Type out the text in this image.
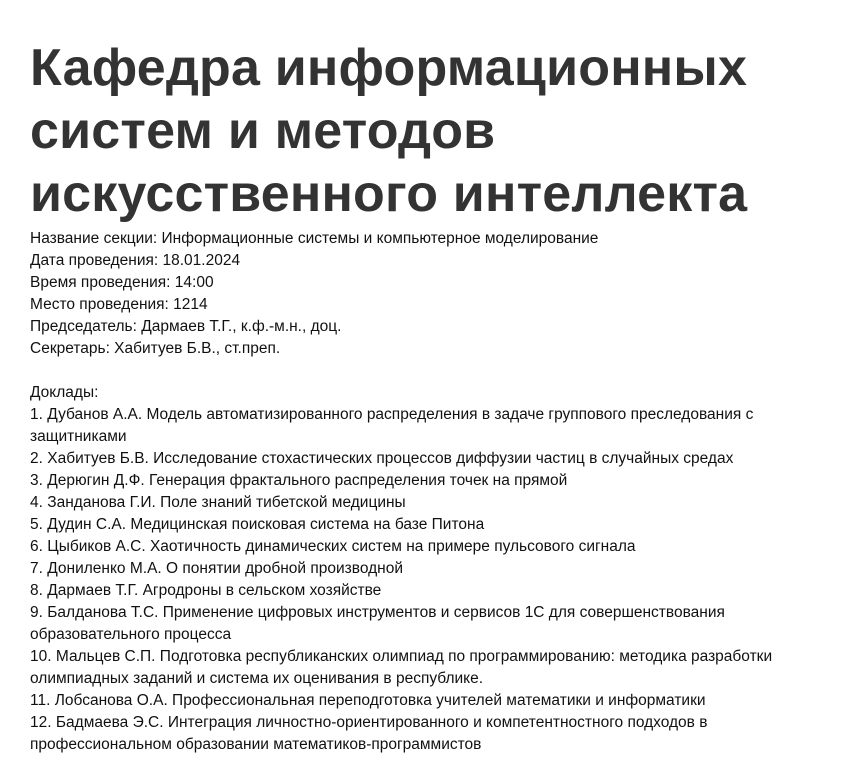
Кафедра информационных систем и методов искусственного интеллекта
Название секции: Информационные системы и компьютерное моделирование
Дата проведения: 18.01.2024
Время проведения: 14:00
Место проведения: 1214
Председатель: Дармаев Т.Г., к.ф.-м.н., доц.
Секретарь: Хабитуев Б.В., ст.преп.
Доклады:
1. Дубанов А.А. Модель автоматизированного распределения в задаче группового преследования с защитниками
2. Хабитуев Б.В. Исследование стохастических процессов диффузии частиц в случайных средах
3. Дерюгин Д.Ф. Генерация фрактального распределения точек на прямой
4. Занданова Г.И. Поле знаний тибетской медицины
5. Дудин С.А. Медицинская поисковая система на базе Питона
6. Цыбиков А.С. Хаотичность динамических систем на примере пульсового сигнала
7. Дониленко М.А. О понятии дробной производной
8. Дармаев Т.Г. Агродроны в сельском хозяйстве
9. Балданова Т.С. Применение цифровых инструментов и сервисов 1С для совершенствования образовательного процесса
10. Мальцев С.П. Подготовка республиканских олимпиад по программированию: методика разработки олимпиадных заданий и система их оценивания в республике.
11. Лобсанова О.А. Профессиональная переподготовка учителей математики и информатики
12. Бадмаева Э.С. Интеграция личностно-ориентированного и компетентностного подходов в профессиональном образовании математиков-программистов
